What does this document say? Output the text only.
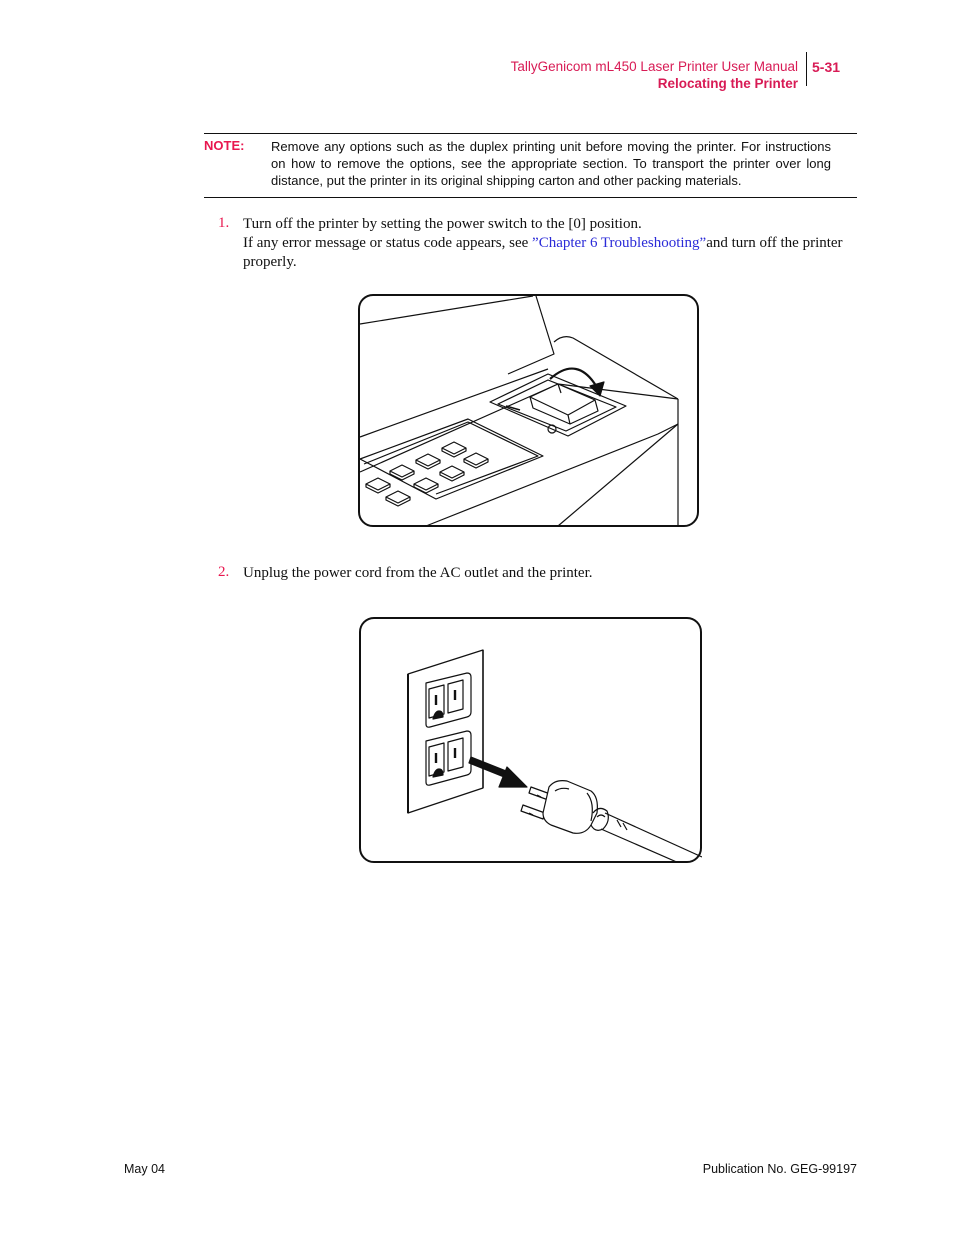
TallyGenicom mL450 Laser Printer User Manual
Relocating the Printer
5-31
NOTE: Remove any options such as the duplex printing unit before moving the printer. For instructions on how to remove the options, see the appropriate section. To transport the printer over long distance, put the printer in its original shipping carton and other packing materials.
1. Turn off the printer by setting the power switch to the [0] position.
If any error message or status code appears, see ”Chapter 6 Troubleshooting”and turn off the printer properly.
2. Unplug the power cord from the AC outlet and the printer.
May 04	Publication No. GEG-99197
